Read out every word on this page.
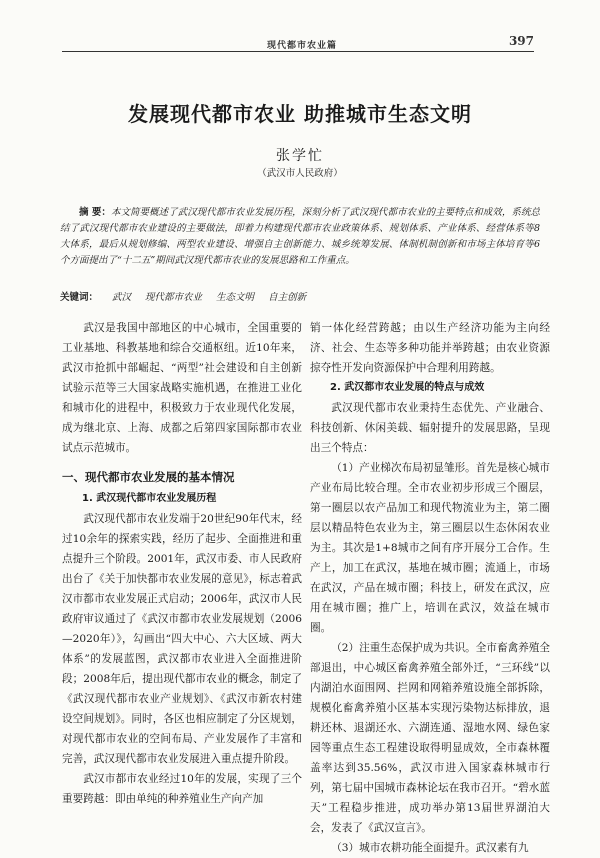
现代都市农业篇	397
发展现代都市农业 助推城市生态文明
张学忙
（武汉市人民政府）
摘 要：本文简要概述了武汉现代都市农业发展历程，深刻分析了武汉现代都市农业的主要特点和成效，系统总结了武汉现代都市农业建设的主要做法，即着力构建现代都市农业政策体系、规划体系、产业体系、经营体系等8大体系，最后从规划修编、两型农业建设、增强自主创新能力、城乡统筹发展、体制机制创新和市场主体培育等6个方面提出了“十二五”期间武汉现代都市农业的发展思路和工作重点。
关键词： 武汉 现代都市农业 生态文明 自主创新

武汉是我国中部地区的中心城市，全国重要的工业基地、科教基地和综合交通枢纽。近10年来，武汉市抢抓中部崛起、“两型”社会建设和自主创新试验示范等三大国家战略实施机遇，在推进工业化和城市化的进程中，积极致力于农业现代化发展，成为继北京、上海、成都之后第四家国际都市农业试点示范城市。

一、现代都市农业发展的基本情况

1. 武汉现代都市农业发展历程

武汉现代都市农业发端于20世纪90年代末，经过10余年的探索实践，经历了起步、全面推进和重点提升三个阶段。2001年，武汉市委、市人民政府出台了《关于加快都市农业发展的意见》，标志着武汉市都市农业发展正式启动；2006年，武汉市人民政府审议通过了《武汉市都市农业发展规划（2006—2020年）》，勾画出“四大中心、六大区域、两大体系”的发展蓝图，武汉都市农业进入全面推进阶段；2008年后，提出现代都市农业的概念，制定了《武汉现代都市农业产业规划》、《武汉市新农村建设空间规划》。同时，各区也相应制定了分区规划，对现代都市农业的空间布局、产业发展作了丰富和完善，武汉现代都市农业发展进入重点提升阶段。

武汉市都市农业经过10年的发展，实现了三个重要跨越：即由单纯的种养殖业生产向产加

销一体化经营跨越；由以生产经济功能为主向经济、社会、生态等多种功能并举跨越；由农业资源掠夺性开发向资源保护中合理利用跨越。

2. 武汉都市农业发展的特点与成效

武汉现代都市农业秉持生态优先、产业融合、科技创新、休闲美载、辐射提升的发展思路，呈现出三个特点：

（1）产业梯次布局初显雏形。首先是核心城市产业布局比较合理。全市农业初步形成三个圈层，第一圈层以农产品加工和现代物流业为主，第二圈层以精品特色农业为主，第三圈层以生态休闲农业为主。其次是1+8城市之间有序开展分工合作。生产上，加工在武汉，基地在城市圈；流通上，市场在武汉，产品在城市圈；科技上，研发在武汉，应用在城市圈；推广上，培训在武汉，效益在城市圈。

（2）注重生态保护成为共识。全市畜禽养殖全部退出，中心城区畜禽养殖全部外迁，“三环线”以内湖泊水面围网、拦网和网箱养殖设施全部拆除，规模化畜禽养殖小区基本实现污染物达标排放，退耕还林、退湖还水、六湖连通、湿地水网、绿色家园等重点生态工程建设取得明显成效，全市森林覆盖率达到35.56%，武汉市进入国家森林城市行列，第七届中国城市森林论坛在我市召开。“碧水蓝天”工程稳步推进，成功举办第13届世界湖泊大会，发表了《武汉宣言》。

（3）城市农耕功能全面提升。武汉素有九
